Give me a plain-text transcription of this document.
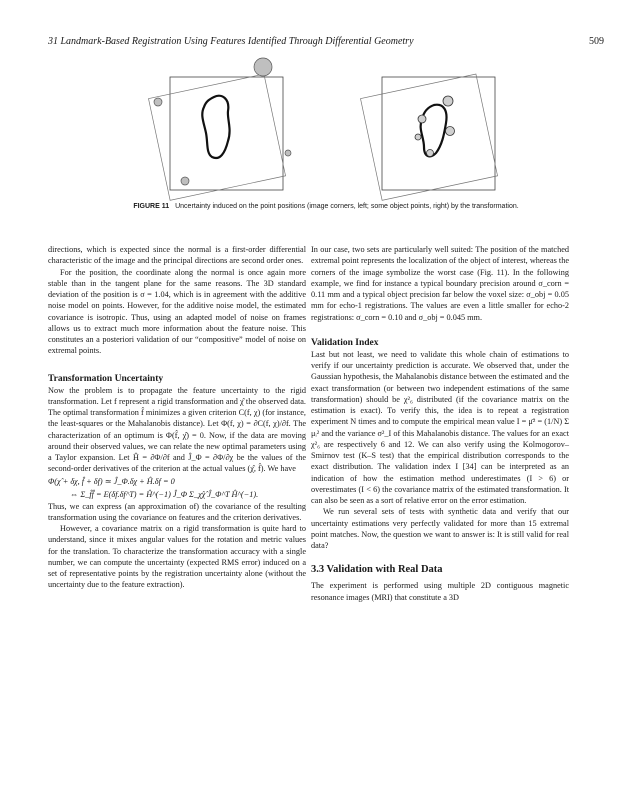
31 Landmark-Based Registration Using Features Identified Through Differential Geometry	509
FIGURE 11 Uncertainty induced on the point positions (image corners, left; some object points, right) by the transformation.

directions, which is expected since the normal is a first-order differential characteristic of the image and the principal directions are second order ones.

For the position, the coordinate along the normal is once again more stable than in the tangent plane for the same reasons. The 3D standard deviation of the position is σ = 1.04, which is in agreement with the additive noise model on points. However, for the additive noise model, the estimated covariance is isotropic. Thus, using an adapted model of noise on frames allows us to extract much more information about the feature noise. This constitutes an a posteriori validation of our “compositive” model of noise on extremal points.

Transformation Uncertainty

Now the problem is to propagate the feature uncertainty to the rigid transformation. Let f represent a rigid transformation and χ̂ the observed data. The optimal transformation f̂ minimizes a given criterion C(f, χ) (for instance, the least-squares or the Mahalanobis distance). Let Φ(f, χ) = ∂C(f, χ)/∂f. The characterization of an optimum is Φ(f̂, χ̂) = 0. Now, if the data are moving around their observed values, we can relate the new optimal parameters using a Taylor expansion. Let Ĥ = ∂Φ/∂f and Ĵ_Φ = ∂Φ/∂χ be the values of the second-order derivatives of the criterion at the actual values (χ̂, f̂). We have

Φ(χ̂ + δχ, f̂ + δf) ≃ Ĵ_Φ.δχ + Ĥ.δf = 0

⇔ Σ_f̂f̂ = E(δf.δf^T) = Ĥ^(−1) Ĵ_Φ Σ_χ̂χ̂ Ĵ_Φ^T Ĥ^(−1).

Thus, we can express (an approximation of) the covariance of the resulting transformation using the covariance on features and the criterion derivatives.

However, a covariance matrix on a rigid transformation is quite hard to understand, since it mixes angular values for the rotation and metric values for the translation. To characterize the transformation accuracy with a single number, we can compute the uncertainty (expected RMS error) induced on a set of representative points by the registration uncertainty alone (without the uncertainty due to the feature extraction).

In our case, two sets are particularly well suited: The position of the matched extremal point represents the localization of the object of interest, whereas the corners of the image symbolize the worst case (Fig. 11). In the following example, we find for instance a typical boundary precision around σ_corn = 0.11 mm and a typical object precision far below the voxel size: σ_obj = 0.05 mm for echo-1 registrations. The values are even a little smaller for echo-2 registrations: σ_corn = 0.10 and σ_obj = 0.045 mm.

Validation Index

Last but not least, we need to validate this whole chain of estimations to verify if our uncertainty prediction is accurate. We observed that, under the Gaussian hypothesis, the Mahalanobis distance between the estimated and the exact transformation (or between two independent estimations of the same transformation) should be χ²₆ distributed (if the covariance matrix on the estimation is exact). To verify this, the idea is to repeat a registration experiment N times and to compute the empirical mean value I = μ̄² = (1/N) Σ μᵢ² and the variance σ²_I of this Mahalanobis distance. The values for an exact χ²₆ are respectively 6 and 12. We can also verify using the Kolmogorov–Smirnov test (K–S test) that the empirical distribution corresponds to the exact distribution. The validation index I [34] can be interpreted as an indication of how the estimation method underestimates (I > 6) or overestimates (I < 6) the covariance matrix of the estimated transformation. It can also be seen as a sort of relative error on the error estimation.

We run several sets of tests with synthetic data and verify that our uncertainty estimations very perfectly validated for more than 15 extremal point matches. Now, the question we want to answer is: It is still valid for real data?

3.3 Validation with Real Data

The experiment is performed using multiple 2D contiguous magnetic resonance images (MRI) that constitute a 3D
